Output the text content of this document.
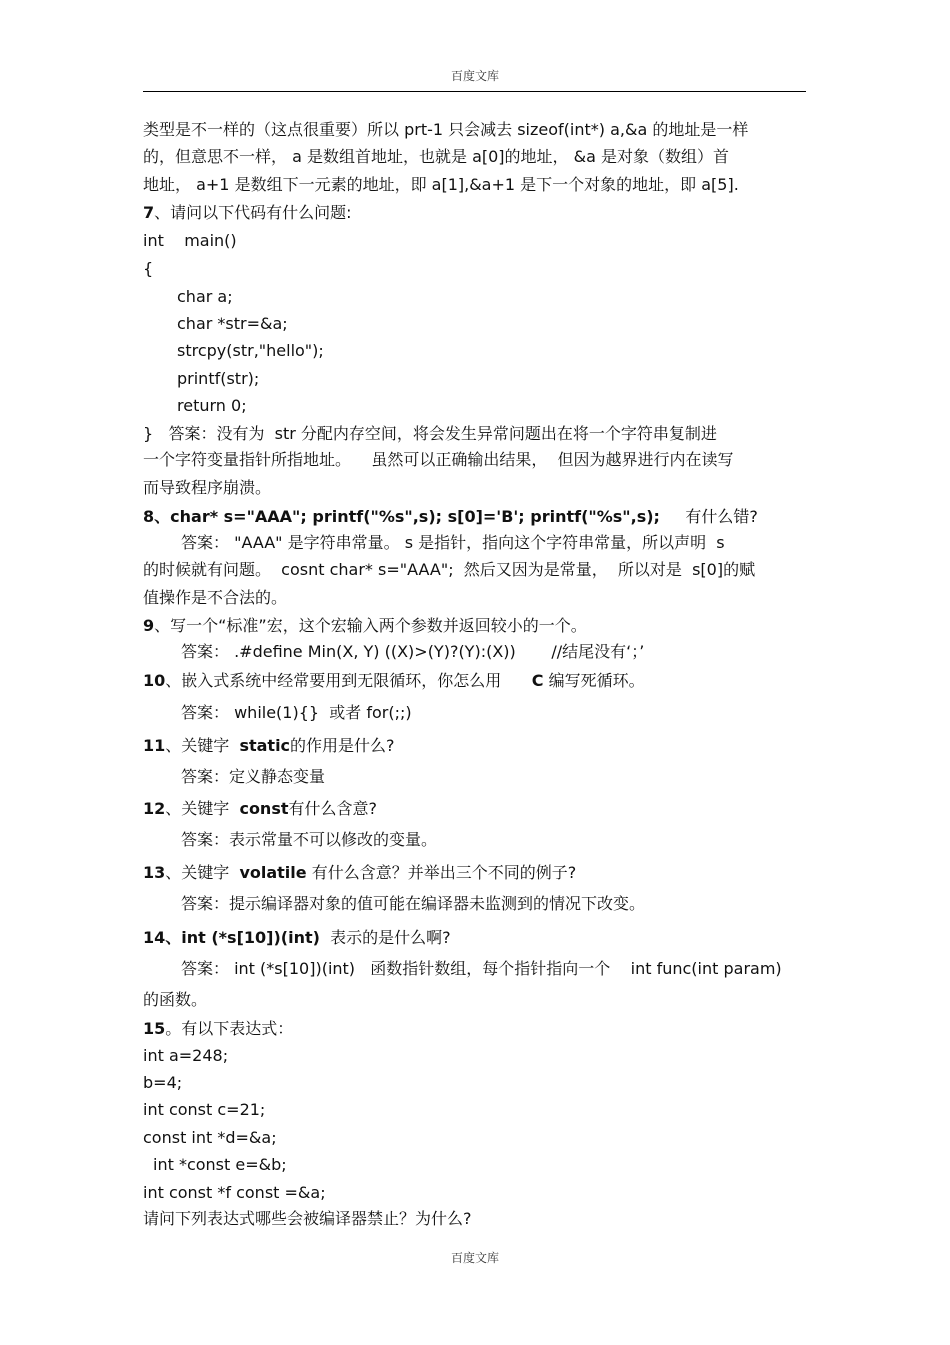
百度文库
类型是不一样的（这点很重要）所以 prt-1 只会减去 sizeof(int*) a,&a 的地址是一样
的，但意思不一样， a 是数组首地址，也就是 a[0]的地址， &a 是对象（数组）首
地址， a+1 是数组下一元素的地址，即 a[1],&a+1 是下一个对象的地址，即 a[5].
7、请问以下代码有什么问题:
int    main()
{
char a;
char *str=&a;
strcpy(str,"hello");
printf(str);
return 0;
}   答案：没有为  str 分配内存空间，将会发生异常问题出在将一个字符串复制进
一个字符变量指针所指地址。    虽然可以正确输出结果，  但因为越界进行内在读写
而导致程序崩溃。
8、char* s="AAA"; printf("%s",s); s[0]='B'; printf("%s",s);     有什么错?
答案： "AAA" 是字符串常量。 s 是指针，指向这个字符串常量，所以声明  s
的时候就有问题。  cosnt char* s="AAA";  然后又因为是常量，  所以对是  s[0]的赋
值操作是不合法的。
9、写一个“标准”宏，这个宏输入两个参数并返回较小的一个。
答案： .#define Min(X, Y) ((X)>(Y)?(Y):(X))       //结尾没有‘；’
10、嵌入式系统中经常要用到无限循环，你怎么用      C 编写死循环。
答案： while(1){}  或者 for(;;)
11、关键字  static的作用是什么?
答案：定义静态变量
12、关键字  const有什么含意?
答案：表示常量不可以修改的变量。
13、关键字  volatile 有什么含意？并举出三个不同的例子?
答案：提示编译器对象的值可能在编译器未监测到的情况下改变。
14、int (*s[10])(int)  表示的是什么啊?
答案： int (*s[10])(int)   函数指针数组，每个指针指向一个    int func(int param)
的函数。
15。有以下表达式：
int a=248;
b=4;
int const c=21;
const int *d=&a;
int *const e=&b;
int const *f const =&a;
请问下列表达式哪些会被编译器禁止？为什么?
百度文库
